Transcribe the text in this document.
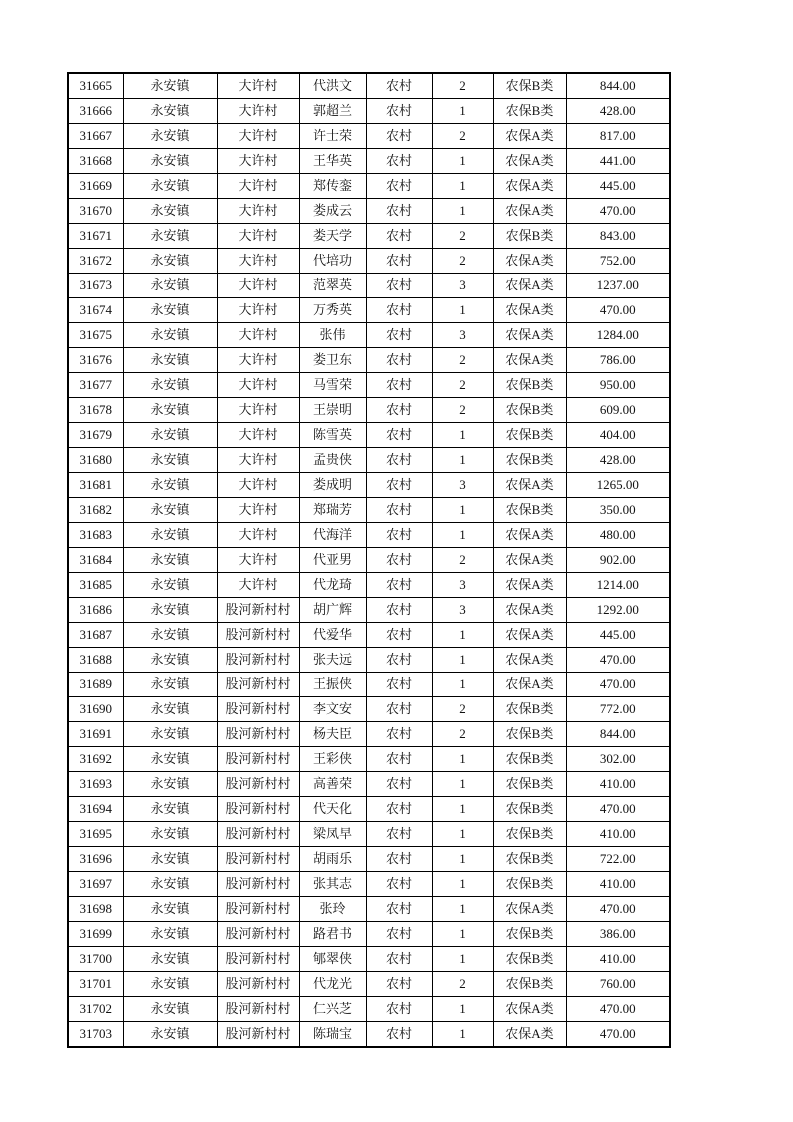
31665	永安镇	大许村	代洪文	农村	2	农保B类	844.00
31666	永安镇	大许村	郭超兰	农村	1	农保B类	428.00
31667	永安镇	大许村	许士荣	农村	2	农保A类	817.00
31668	永安镇	大许村	王华英	农村	1	农保A类	441.00
31669	永安镇	大许村	郑传銮	农村	1	农保A类	445.00
31670	永安镇	大许村	娄成云	农村	1	农保A类	470.00
31671	永安镇	大许村	娄天学	农村	2	农保B类	843.00
31672	永安镇	大许村	代培功	农村	2	农保A类	752.00
31673	永安镇	大许村	范翠英	农村	3	农保A类	1237.00
31674	永安镇	大许村	万秀英	农村	1	农保A类	470.00
31675	永安镇	大许村	张伟	农村	3	农保A类	1284.00
31676	永安镇	大许村	娄卫东	农村	2	农保A类	786.00
31677	永安镇	大许村	马雪荣	农村	2	农保B类	950.00
31678	永安镇	大许村	王崇明	农村	2	农保B类	609.00
31679	永安镇	大许村	陈雪英	农村	1	农保B类	404.00
31680	永安镇	大许村	孟贵侠	农村	1	农保B类	428.00
31681	永安镇	大许村	娄成明	农村	3	农保A类	1265.00
31682	永安镇	大许村	郑瑞芳	农村	1	农保B类	350.00
31683	永安镇	大许村	代海洋	农村	1	农保A类	480.00
31684	永安镇	大许村	代亚男	农村	2	农保A类	902.00
31685	永安镇	大许村	代龙琦	农村	3	农保A类	1214.00
31686	永安镇	股河新村村	胡广辉	农村	3	农保A类	1292.00
31687	永安镇	股河新村村	代爱华	农村	1	农保A类	445.00
31688	永安镇	股河新村村	张夫远	农村	1	农保A类	470.00
31689	永安镇	股河新村村	王振侠	农村	1	农保A类	470.00
31690	永安镇	股河新村村	李文安	农村	2	农保B类	772.00
31691	永安镇	股河新村村	杨夫臣	农村	2	农保B类	844.00
31692	永安镇	股河新村村	王彩侠	农村	1	农保B类	302.00
31693	永安镇	股河新村村	高善荣	农村	1	农保B类	410.00
31694	永安镇	股河新村村	代天化	农村	1	农保B类	470.00
31695	永安镇	股河新村村	梁凤早	农村	1	农保B类	410.00
31696	永安镇	股河新村村	胡雨乐	农村	1	农保B类	722.00
31697	永安镇	股河新村村	张其志	农村	1	农保B类	410.00
31698	永安镇	股河新村村	张玲	农村	1	农保A类	470.00
31699	永安镇	股河新村村	路君书	农村	1	农保B类	386.00
31700	永安镇	股河新村村	郇翠侠	农村	1	农保B类	410.00
31701	永安镇	股河新村村	代龙光	农村	2	农保B类	760.00
31702	永安镇	股河新村村	仁兴芝	农村	1	农保A类	470.00
31703	永安镇	股河新村村	陈瑞宝	农村	1	农保A类	470.00
